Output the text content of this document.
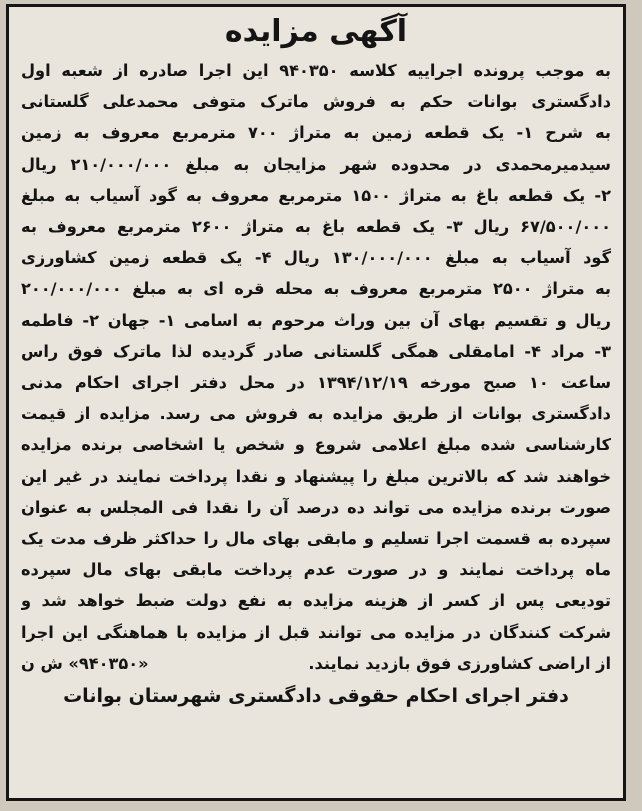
آگهی مزایده
به موجب پرونده اجراییه کلاسه ۹۴۰۳۵۰ این اجرا صادره از شعبه اول
دادگستری بوانات حکم به فروش ماترک متوفی محمدعلی گلستانی
به شرح ۱- یک قطعه زمین به متراژ ۷۰۰ مترمربع معروف به زمین
سیدمیرمحمدی در محدوده شهر مزایجان به مبلغ ۲۱۰/۰۰۰/۰۰۰ ریال
۲- یک قطعه باغ به متراژ ۱۵۰۰ مترمربع معروف به گود آسیاب به مبلغ
۶۷/۵۰۰/۰۰۰ ریال ۳- یک قطعه باغ به متراژ ۲۶۰۰ مترمربع معروف به
گود آسیاب به مبلغ ۱۳۰/۰۰۰/۰۰۰ ریال ۴- یک قطعه زمین کشاورزی
به متراژ ۲۵۰۰ مترمربع معروف به محله قره ای به مبلغ ۲۰۰/۰۰۰/۰۰۰
ریال و تقسیم بهای آن بین وراث مرحوم به اسامی ۱- جهان ۲- فاطمه
۳- مراد ۴- امامقلی همگی گلستانی صادر گردیده لذا ماترک فوق راس
ساعت ۱۰ صبح مورخه ۱۳۹۴/۱۲/۱۹ در محل دفتر اجرای احکام مدنی
دادگستری بوانات از طریق مزایده به فروش می رسد. مزایده از قیمت
کارشناسی شده مبلغ اعلامی شروع و شخص یا اشخاصی برنده مزایده
خواهند شد که بالاترین مبلغ را پیشنهاد و نقدا پرداخت نمایند در غیر این
صورت برنده مزایده می تواند ده درصد آن را نقدا فی المجلس به عنوان
سپرده به قسمت اجرا تسلیم و مابقی بهای مال را حداکثر ظرف مدت یک
ماه پرداخت نمایند و در صورت عدم پرداخت مابقی بهای مال سپرده
تودیعی پس از کسر از هزینه مزایده به نفع دولت ضبط خواهد شد و
شرکت کنندگان در مزایده می توانند قبل از مزایده با هماهنگی این اجرا
از اراضی کشاورزی فوق بازدید نمایند.
«۹۴۰۳۵۰» ش ن
دفتر اجرای احکام حقوقی دادگستری شهرستان بوانات
